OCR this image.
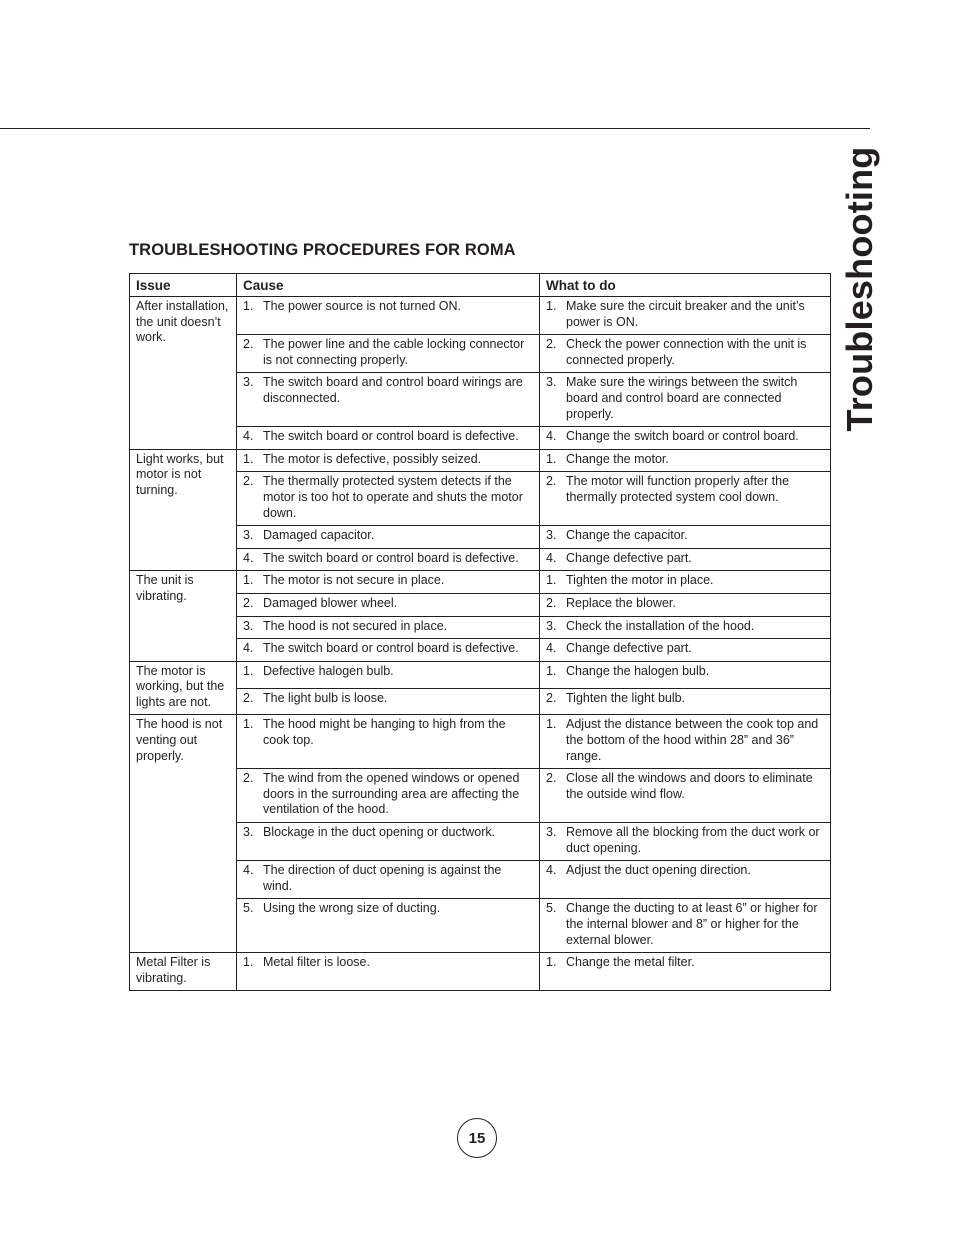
Troubleshooting
TROUBLESHOOTING PROCEDURES FOR ROMA
Issue	Cause	What to do
After installation, the unit doesn’t work.	1. The power source is not turned ON.	1. Make sure the circuit breaker and the unit’s power is ON.

	2. The power line and the cable locking connector is not connecting properly.	2. Check the power connection with the unit is connected properly.

	3. The switch board and control board wirings are disconnected.	3. Make sure the wirings between the switch board and control board are connected properly.

	4. The switch board or control board is defective.	4. Change the switch board or control board.

Light works, but motor is not turning.	1. The motor is defective, possibly seized.	1. Change the motor.

	2. The thermally protected system detects if the motor is too hot to operate and shuts the motor down.	2. The motor will function properly after the thermally protected system cool down.

	3. Damaged capacitor.	3. Change the capacitor.

	4. The switch board or control board is defective.	4. Change defective part.

The unit is vibrating.	1. The motor is not secure in place.	1. Tighten the motor in place.

	2. Damaged blower wheel.	2. Replace the blower.

	3. The hood is not secured in place.	3. Check the installation of the hood.

	4. The switch board or control board is defective.	4. Change defective part.

The motor is working, but the lights are not.	1. Defective halogen bulb.	1. Change the halogen bulb.

	2. The light bulb is loose.	2. Tighten the light bulb.

The hood is not venting out properly.	1. The hood might be hanging to high from the cook top.	1. Adjust the distance between the cook top and the bottom of the hood within 28” and 36” range.

	2. The wind from the opened windows or opened doors in the surrounding area are affecting the ventilation of the hood.	2. Close all the windows and doors to eliminate the outside wind flow.

	3. Blockage in the duct opening or ductwork.	3. Remove all the blocking from the duct work or duct opening.

	4. The direction of duct opening is against the wind.	4. Adjust the duct opening direction.

	5. Using the wrong size of ducting.	5. Change the ducting to at least 6” or higher for the internal blower and 8” or higher for the external blower.

Metal Filter is vibrating.	1. Metal filter is loose.	1. Change the metal filter.
15
